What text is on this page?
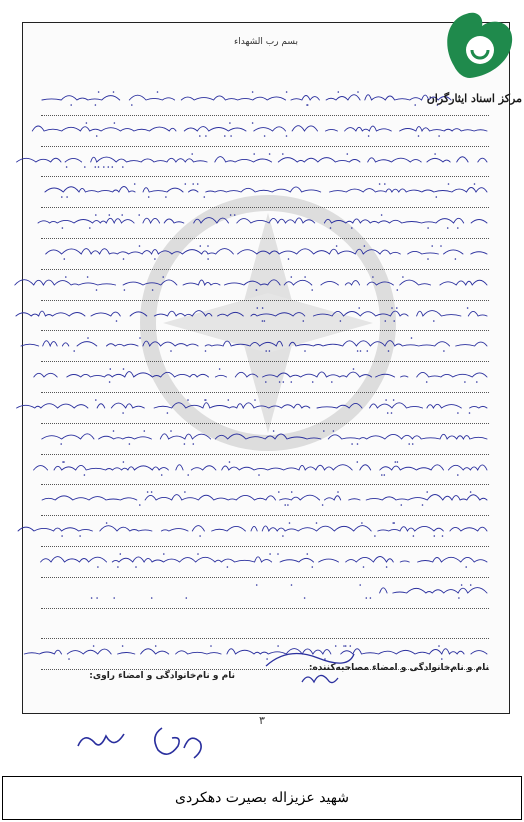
بسم رب الشهداء
نام و نام‌خانوادگی و امضاء مصاحبه‌کننده:
نام و نام‌خانوادگی و امضاء راوی:
۳
مرکز اسناد ایثارگران
شهید عزیزاله بصیرت دهکردی
